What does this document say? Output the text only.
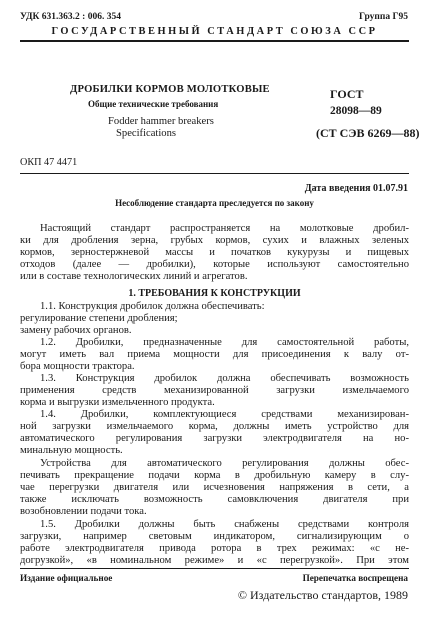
УДК 631.363.2 : 006. 354	Группа Г95
ГОСУДАРСТВЕННЫЙ СТАНДАРТ СОЮЗА ССР
ДРОБИЛКИ КОРМОВ МОЛОТКОВЫЕ
Общие технические требования
Fodder hammer breakers
Specifications
ГОСТ
28098—89
(СТ СЭВ 6269—88)
ОКП 47 4471
Дата введения 01.07.91
Несоблюдение стандарта преследуется по закону
Настоящий стандарт распространяется на молотковые дробил-
ки для дробления зерна, грубых кормов, сухих и влажных зеленых
кормов, зерностержневой массы и початков кукурузы и пищевых
отходов (далее — дробилки), которые используют самостоятельно
или в составе технологических линий и агрегатов.
1. ТРЕБОВАНИЯ К КОНСТРУКЦИИ
1.1. Конструкция дробилок должна обеспечивать:
регулирование степени дробления;
замену рабочих органов.
1.2. Дробилки, предназначенные для самостоятельной работы,
могут иметь вал приема мощности для присоединения к валу от-
бора мощности трактора.
1.3. Конструкция дробилок должна обеспечивать возможность
применения средств механизированной загрузки измельчаемого
корма и выгрузки измельченного продукта.
1.4. Дробилки, комплектующиеся средствами механизирован-
ной загрузки измельчаемого корма, должны иметь устройство для
автоматического регулирования загрузки электродвигателя на но-
минальную мощность.
Устройства для автоматического регулирования должны обес-
печивать прекращение подачи корма в дробильную камеру в слу-
чае перегрузки двигателя или исчезновения напряжения в сети, а
также исключать возможность самовключения двигателя при
возобновлении подачи тока.
1.5. Дробилки должны быть снабжены средствами контроля
загрузки, например световым индикатором, сигнализирующим о
работе электродвигателя привода ротора в трех режимах: «с не-
догрузкой», «в номинальном режиме» и «с перегрузкой». При этом
Издание официальное	Перепечатка воспрещена
© Издательство стандартов, 1989
